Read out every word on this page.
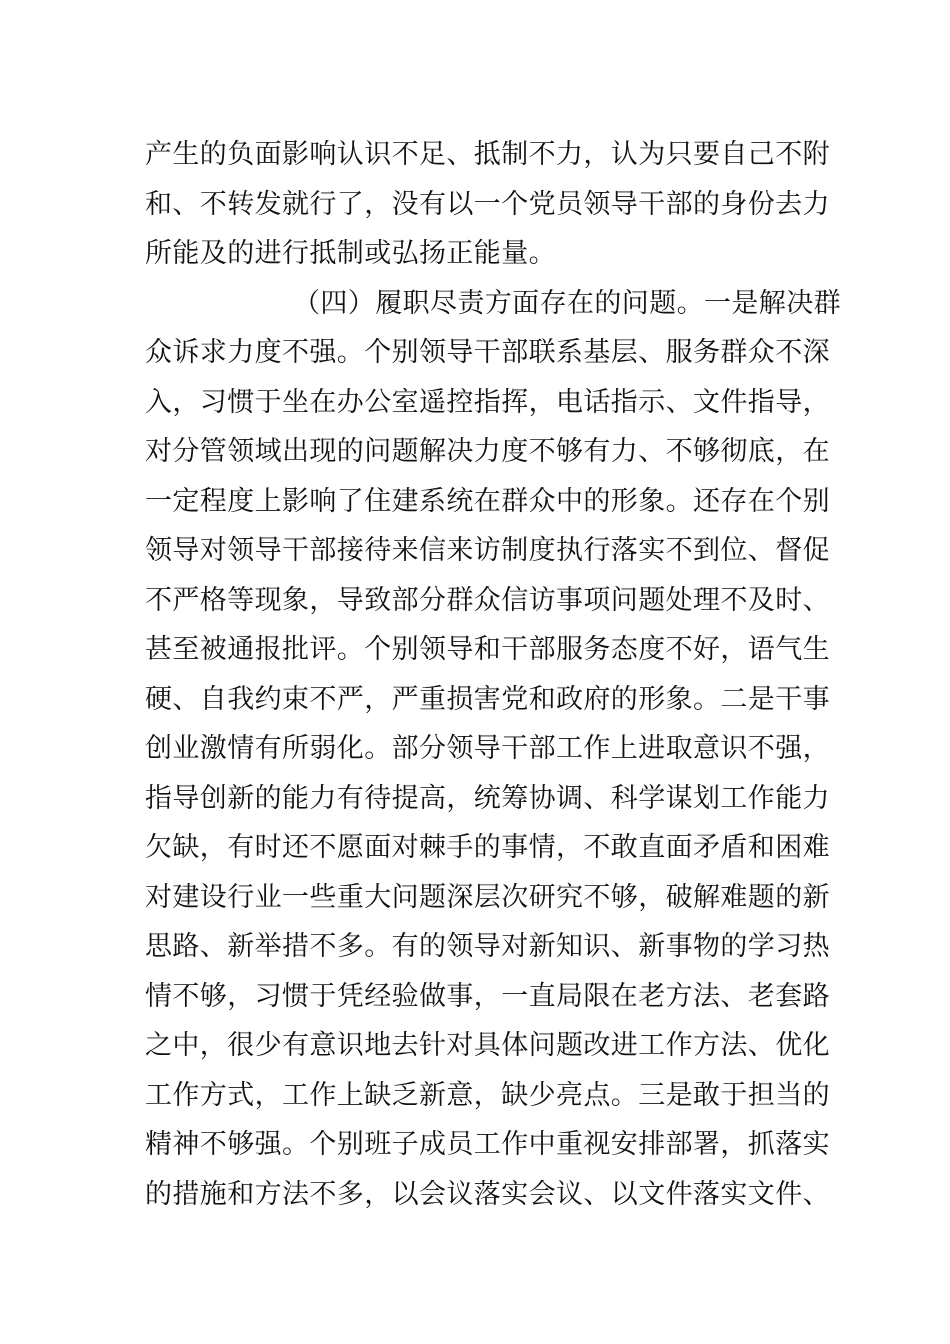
产生的负面影响认识不足、抵制不力，认为只要自己不附
和、不转发就行了，没有以一个党员领导干部的身份去力
所能及的进行抵制或弘扬正能量。
（四）履职尽责方面存在的问题。一是解决群
众诉求力度不强。个别领导干部联系基层、服务群众不深
入，习惯于坐在办公室遥控指挥，电话指示、文件指导，
对分管领域出现的问题解决力度不够有力、不够彻底，在
一定程度上影响了住建系统在群众中的形象。还存在个别
领导对领导干部接待来信来访制度执行落实不到位、督促
不严格等现象，导致部分群众信访事项问题处理不及时、
甚至被通报批评。个别领导和干部服务态度不好，语气生
硬、自我约束不严，严重损害党和政府的形象。二是干事
创业激情有所弱化。部分领导干部工作上进取意识不强，
指导创新的能力有待提高，统筹协调、科学谋划工作能力
欠缺，有时还不愿面对棘手的事情，不敢直面矛盾和困难
对建设行业一些重大问题深层次研究不够，破解难题的新
思路、新举措不多。有的领导对新知识、新事物的学习热
情不够，习惯于凭经验做事，一直局限在老方法、老套路
之中，很少有意识地去针对具体问题改进工作方法、优化
工作方式，工作上缺乏新意，缺少亮点。三是敢于担当的
精神不够强。个别班子成员工作中重视安排部署，抓落实
的措施和方法不多，以会议落实会议、以文件落实文件、
